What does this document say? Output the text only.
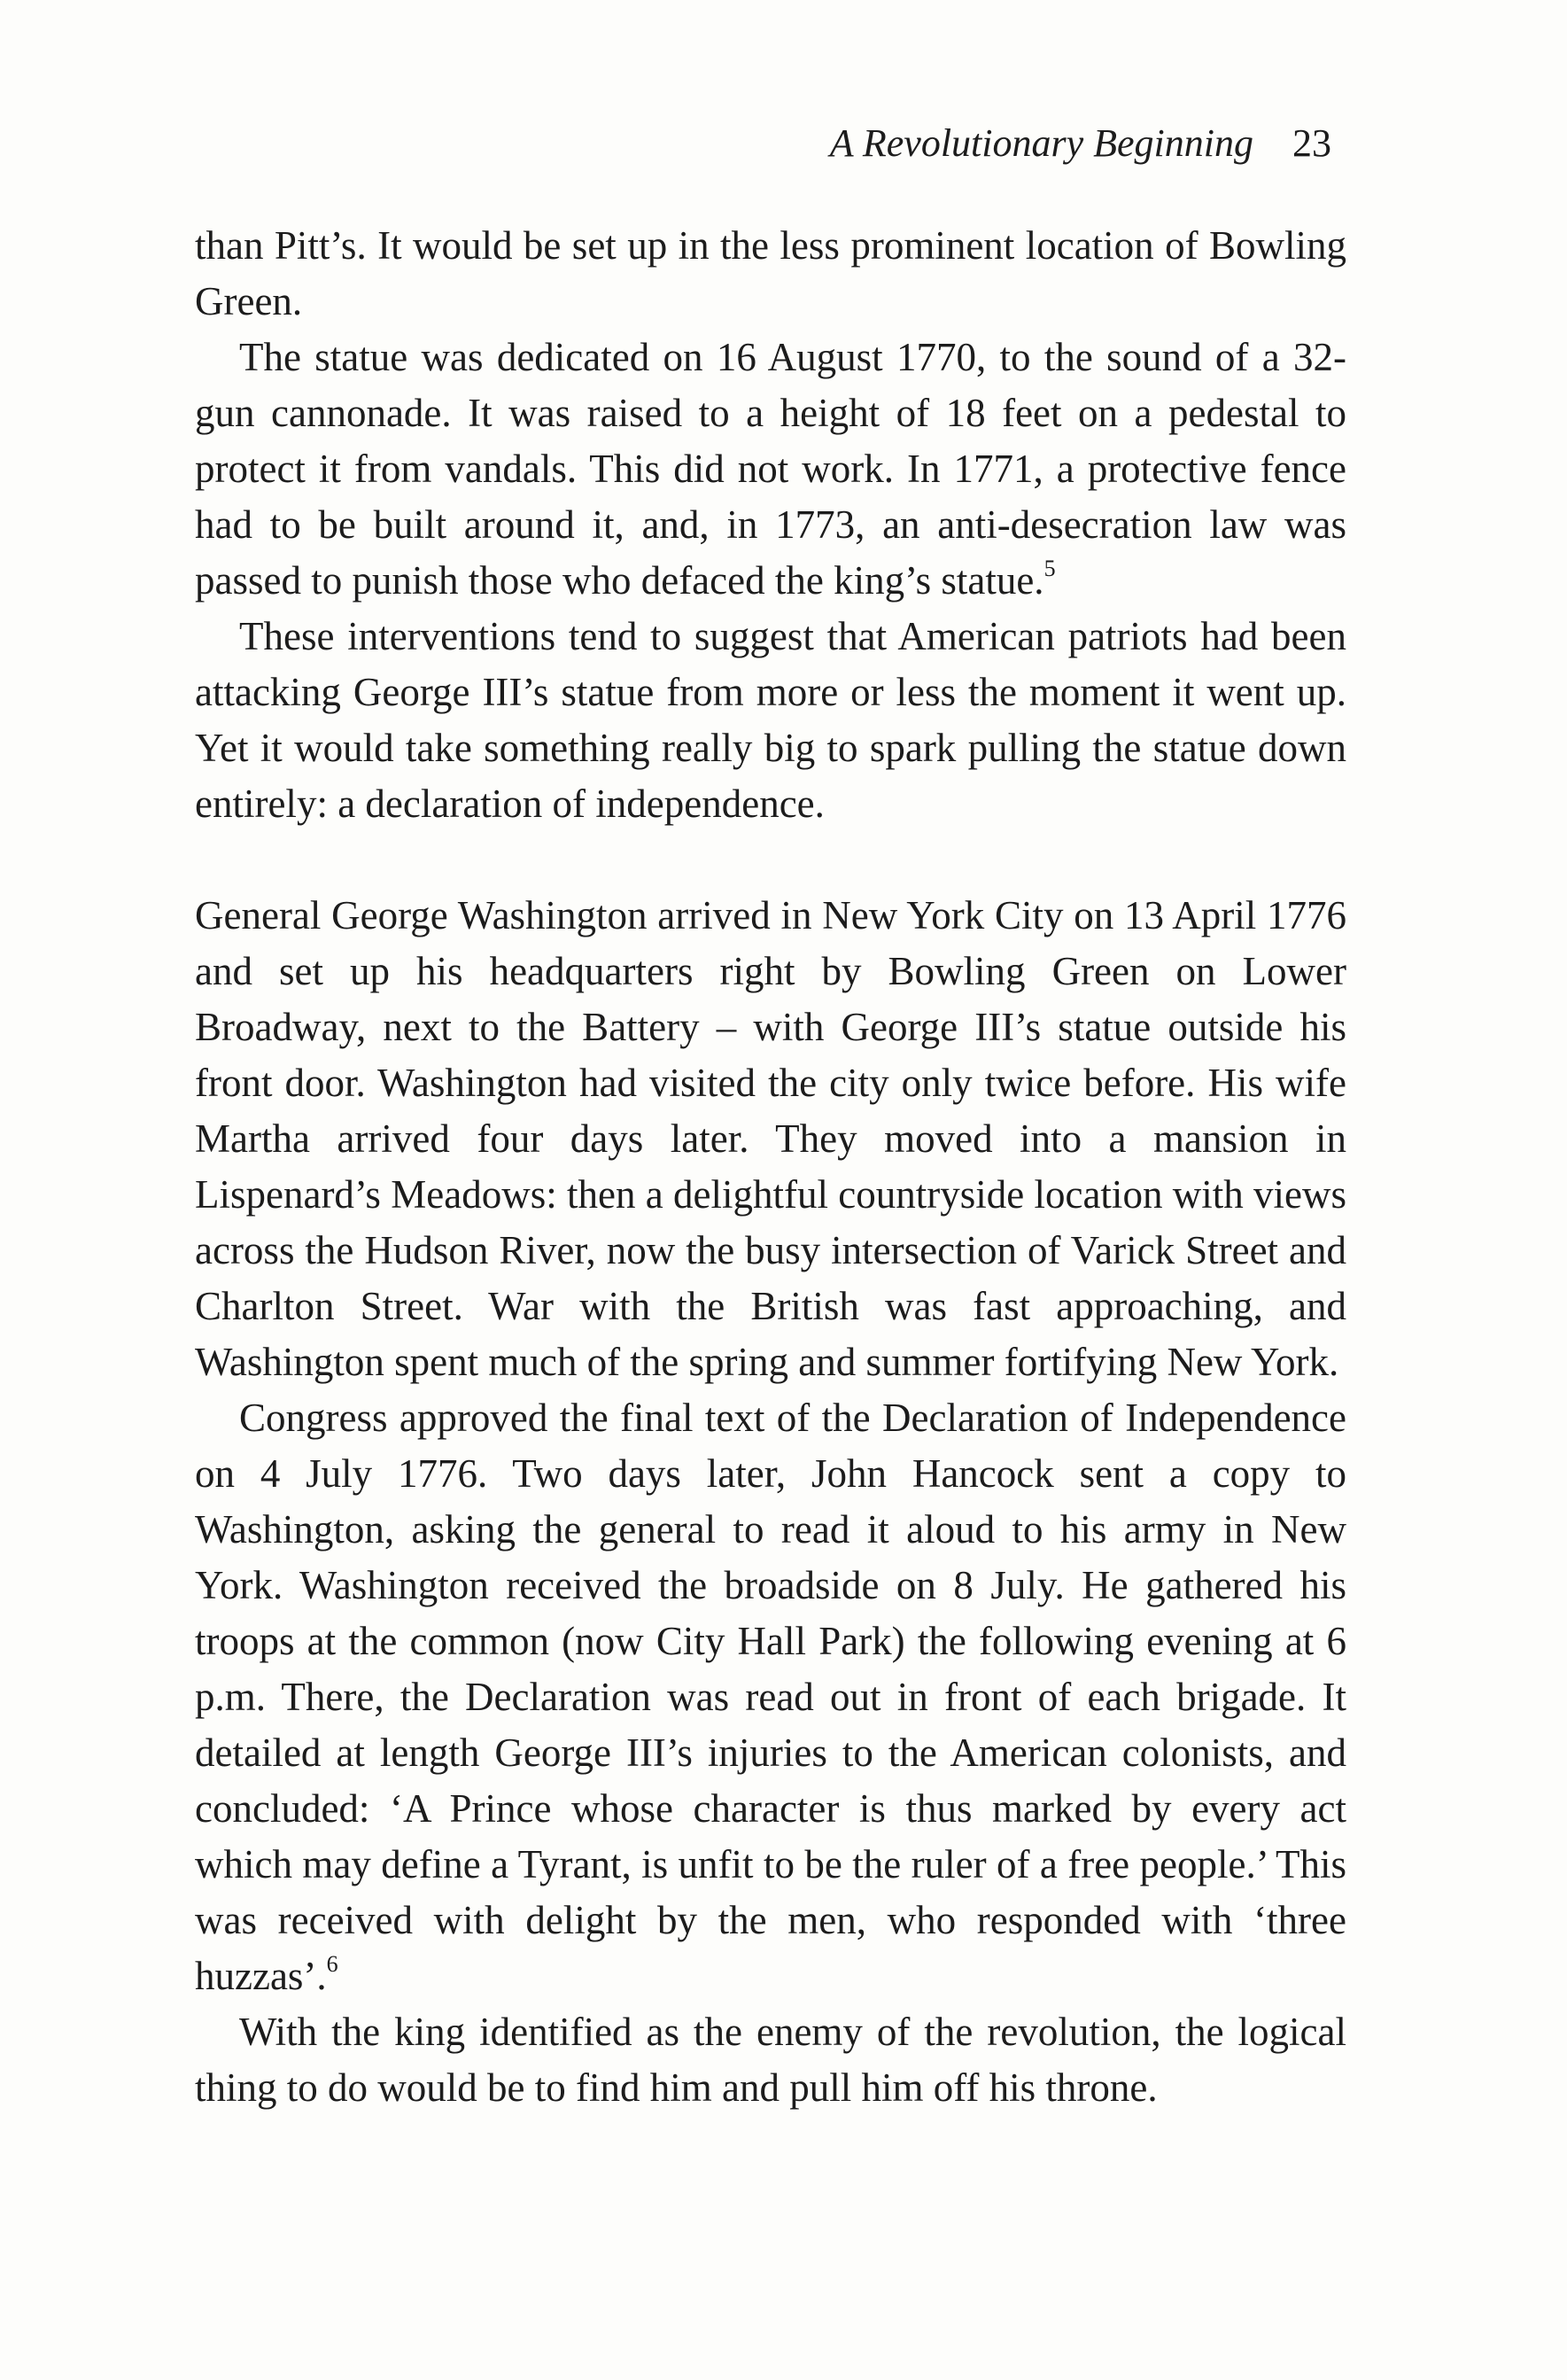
A Revolutionary Beginning 23

than Pitt’s. It would be set up in the less prominent location of Bowling Green.

The statue was dedicated on 16 August 1770, to the sound of a 32-gun cannonade. It was raised to a height of 18 feet on a pedestal to protect it from vandals. This did not work. In 1771, a protective fence had to be built around it, and, in 1773, an anti-desecration law was passed to punish those who defaced the king’s statue.$^5$

These interventions tend to suggest that American patriots had been attacking George III’s statue from more or less the moment it went up. Yet it would take something really big to spark pulling the statue down entirely: a declaration of independence.

General George Washington arrived in New York City on 13 April 1776 and set up his headquarters right by Bowling Green on Lower Broadway, next to the Battery – with George III’s statue outside his front door. Washington had visited the city only twice before. His wife Martha arrived four days later. They moved into a mansion in Lispenard’s Meadows: then a delightful countryside location with views across the Hudson River, now the busy intersection of Varick Street and Charlton Street. War with the British was fast approaching, and Washington spent much of the spring and summer fortifying New York.

Congress approved the final text of the Declaration of Independence on 4 July 1776. Two days later, John Hancock sent a copy to Washington, asking the general to read it aloud to his army in New York. Washington received the broadside on 8 July. He gathered his troops at the common (now City Hall Park) the following evening at 6 p.m. There, the Declaration was read out in front of each brigade. It detailed at length George III’s injuries to the American colonists, and concluded: ‘A Prince whose character is thus marked by every act which may define a Tyrant, is unfit to be the ruler of a free people.’ This was received with delight by the men, who responded with ‘three huzzas’.$^6$

With the king identified as the enemy of the revolution, the logical thing to do would be to find him and pull him off his throne.
